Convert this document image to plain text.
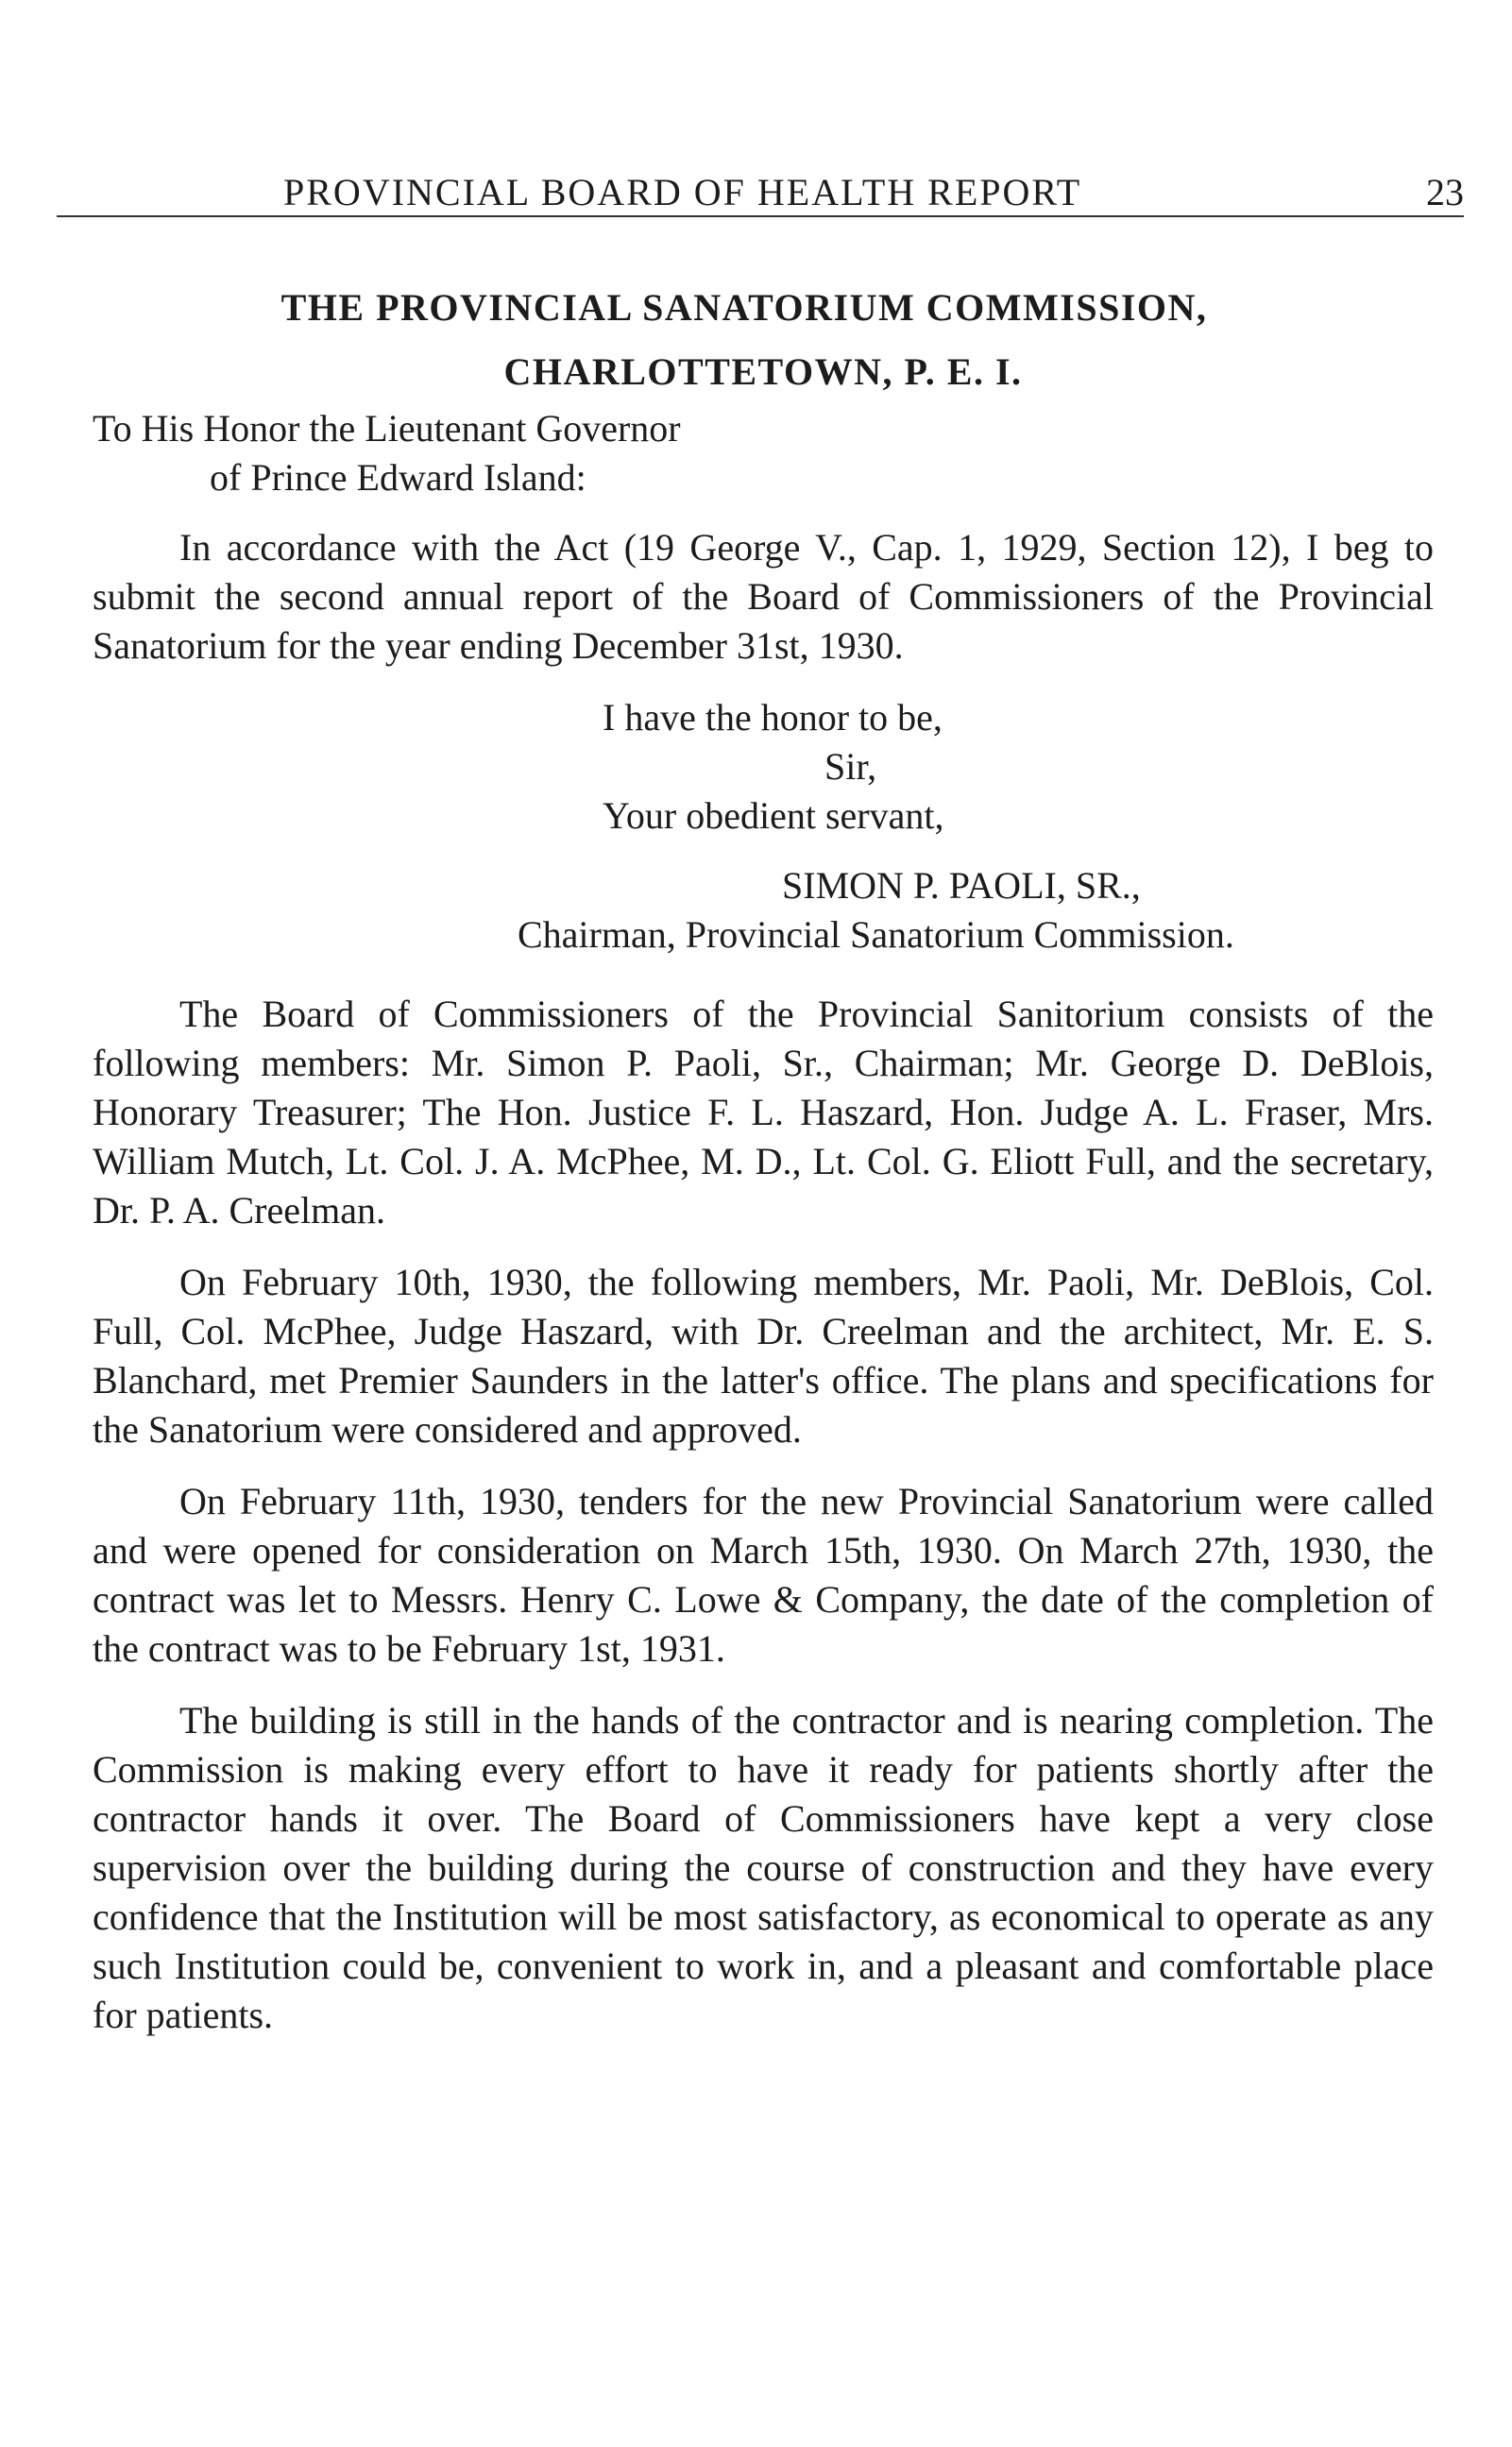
PROVINCIAL BOARD OF HEALTH REPORT	23

THE PROVINCIAL SANATORIUM COMMISSION,

CHARLOTTETOWN, P. E. I.

To His Honor the Lieutenant Governor

of Prince Edward Island:

In accordance with the Act (19 George V., Cap. 1, 1929, Section 12), I beg to submit the second annual report of the Board of Commissioners of the Provincial Sanatorium for the year ending December 31st, 1930.

I have the honor to be,

Sir,

Your obedient servant,

SIMON P. PAOLI, SR.,

Chairman, Provincial Sanatorium Commission.

The Board of Commissioners of the Provincial Sanitorium consists of the following members: Mr. Simon P. Paoli, Sr., Chairman; Mr. George D. DeBlois, Honorary Treasurer; The Hon. Justice F. L. Haszard, Hon. Judge A. L. Fraser, Mrs. William Mutch, Lt. Col. J. A. McPhee, M. D., Lt. Col. G. Eliott Full, and the secretary, Dr. P. A. Creelman.

On February 10th, 1930, the following members, Mr. Paoli, Mr. DeBlois, Col. Full, Col. McPhee, Judge Haszard, with Dr. Creelman and the architect, Mr. E. S. Blanchard, met Premier Saunders in the latter's office. The plans and specifications for the Sanatorium were considered and approved.

On February 11th, 1930, tenders for the new Provincial Sanatorium were called and were opened for consideration on March 15th, 1930. On March 27th, 1930, the contract was let to Messrs. Henry C. Lowe & Company, the date of the completion of the contract was to be February 1st, 1931.

The building is still in the hands of the contractor and is nearing completion. The Commission is making every effort to have it ready for patients shortly after the contractor hands it over. The Board of Commissioners have kept a very close supervision over the building during the course of construction and they have every confidence that the Institution will be most satisfactory, as economical to operate as any such Institution could be, convenient to work in, and a pleasant and comfortable place for patients.
